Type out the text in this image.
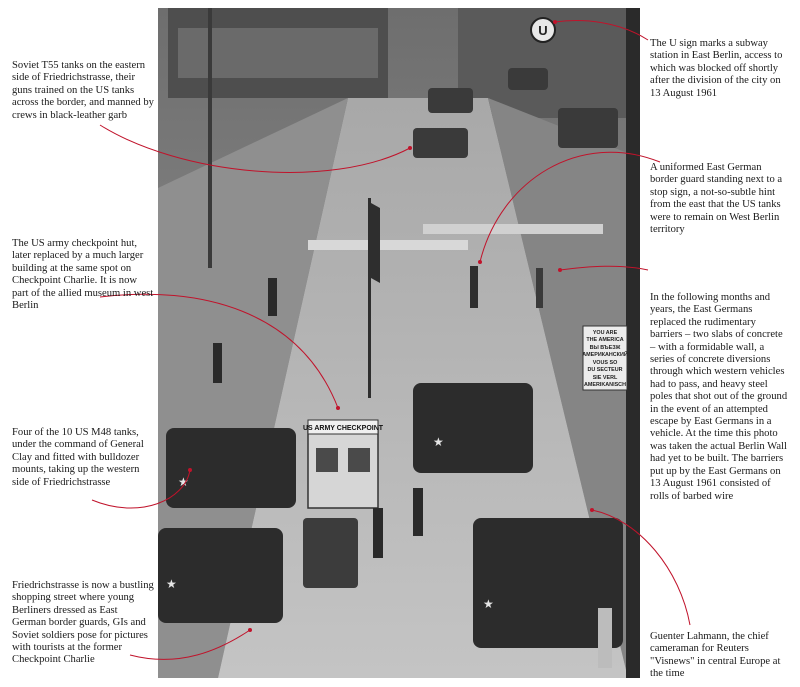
U
YOU ARE
THE AMERICA
ВЫ ВЪЕЗЖ
АМЕРИКАНСКИЙ
VOUS SO
DU SECTEUR
SIE VERL
AMERIKANISCH
US ARMY CHECKPOINT
★
★
★
★
Soviet T55 tanks on the eastern side of Friedrichstrasse, their guns trained on the US tanks across the border, and manned by crews in black-leather garb
The US army checkpoint hut, later replaced by a much larger building at the same spot on Checkpoint Charlie. It is now part of the allied museum in west Berlin
Four of the 10 US M48 tanks, under the command of General Clay and fitted with bulldozer mounts, taking up the western side of Friedrichstrasse
Friedrichstrasse is now a bustling shopping street where young Berliners dressed as East German border guards, GIs and Soviet soldiers pose for pictures with tourists at the former Checkpoint Charlie
The U sign marks a subway station in East Berlin, access to which was blocked off shortly after the division of the city on 13 August 1961
A uniformed East German border guard standing next to a stop sign, a not-so-subtle hint from the east that the US tanks were to remain on West Berlin territory
In the following months and years, the East Germans replaced the rudimentary barriers – two slabs of concrete – with a formidable wall, a series of concrete diversions through which western vehicles had to pass, and heavy steel poles that shot out of the ground in the event of an attempted escape by East Germans in a vehicle. At the time this photo was taken the actual Berlin Wall had yet to be built. The barriers put up by the East Germans on 13 August 1961 consisted of rolls of barbed wire
Guenter Lahmann, the chief cameraman for Reuters "Visnews" in central Europe at the time
